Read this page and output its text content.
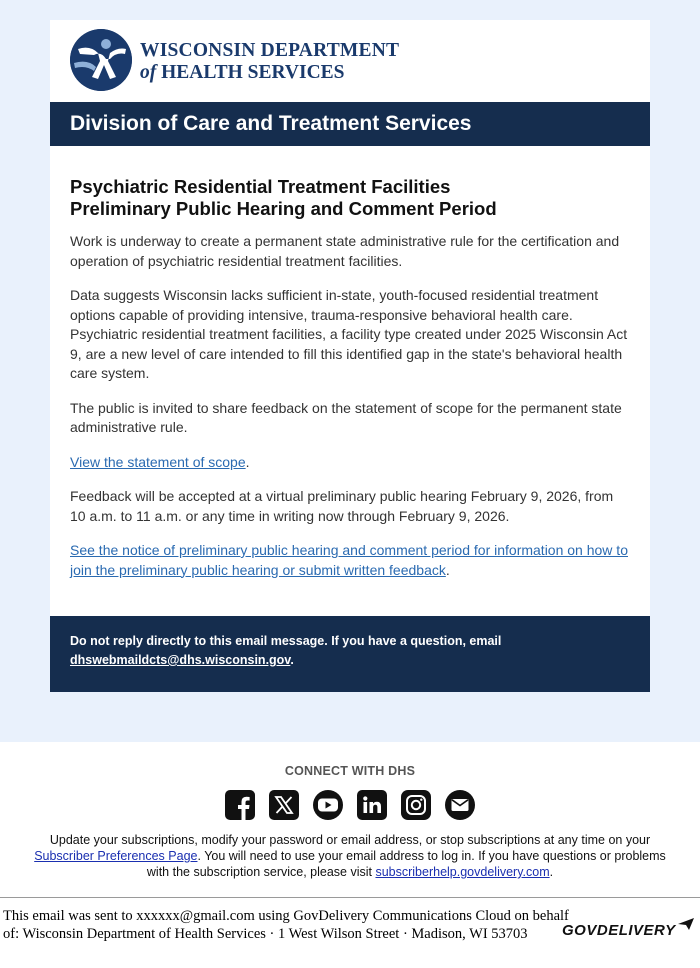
WISCONSIN DEPARTMENT
of HEALTH SERVICES
Division of Care and Treatment Services
Psychiatric Residential Treatment Facilities
Preliminary Public Hearing and Comment Period

Work is underway to create a permanent state administrative rule for the certification and operation of psychiatric residential treatment facilities.

Data suggests Wisconsin lacks sufficient in-state, youth-focused residential treatment options capable of providing intensive, trauma-responsive behavioral health care. Psychiatric residential treatment facilities, a facility type created under 2025 Wisconsin Act 9, are a new level of care intended to fill this identified gap in the state's behavioral health care system.

The public is invited to share feedback on the statement of scope for the permanent state administrative rule.

View the statement of scope.

Feedback will be accepted at a virtual preliminary public hearing February 9, 2026, from 10 a.m. to 11 a.m. or any time in writing now through February 9, 2026.

See the notice of preliminary public hearing and comment period for information on how to join the preliminary public hearing or submit written feedback.

Do not reply directly to this email message. If you have a question, email dhswebmaildcts@dhs.wisconsin.gov.
CONNECT WITH DHS
Update your subscriptions, modify your password or email address, or stop subscriptions at any time on your Subscriber Preferences Page. You will need to use your email address to log in. If you have questions or problems with the subscription service, please visit subscriberhelp.govdelivery.com.
This email was sent to xxxxxx@gmail.com using GovDelivery Communications Cloud on behalf of: Wisconsin Department of Health Services · 1 West Wilson Street · Madison, WI 53703	GOVDELIVERY
